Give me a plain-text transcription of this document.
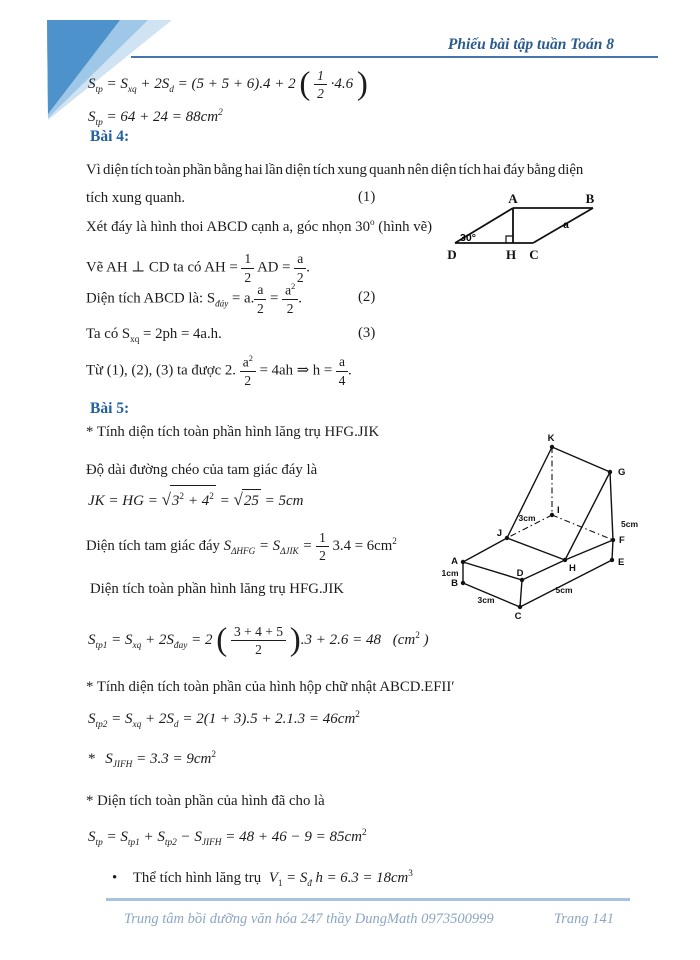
Phiếu bài tập tuần Toán 8
$S_{tp} = S_{xq} + 2S_d = (5 + 5 + 6).4 + 2$ ( $\frac{1}{2} \cdot 4.6$ )
$S_{tp} = 64 + 24 = 88cm^2$
Bài 4:
Vì diện tích toàn phần bằng hai lần diện tích xung quanh nên diện tích hai đáy bằng diện
tích xung quanh.	(1)
Xét đáy là hình thoi ABCD cạnh a, góc nhọn 30$^o$ (hình vẽ)
Vẽ AH ⊥ CD ta có AH = $\frac{1}{2}$ AD = $\frac{a}{2}$ .
A	B
D	H C
30°
a
Diện tích ABCD là: $S_{đáy} = a$. $\frac{a}{2} = \frac{a^2}{2}$ .	(2)
Ta có $S_{xq} = 2ph = 4a.h$.	(3)
Từ (1), (2), (3) ta được 2. $\frac{a^2}{2} = 4ah$ ⇒ $h = \frac{a}{4}$ .
Bài 5:
* Tính diện tích toàn phần hình lăng trụ HFG.JIK
Độ dài đường chéo của tam giác đáy là
JK = HG = $√3^2 + 4^2 = √25 = 5cm$
Diện tích tam giác đáy $S_{\Delta HFG} = S_{\Delta JIK} = \frac{1}{2} 3.4 = 6cm^2$
K
G
I
J
F
A
H
E
B
D
C
3cm
5cm
1cm
3cm
5cm
Diện tích toàn phần hình lăng trụ HFG.JIK
$S_{tp1} = S_{xq} + 2S_{đay} = 2$ ( $\frac{3 + 4 + 5}{2} ).3 + 2.6 = 48$ ($cm^2$ )
* Tính diện tích toàn phần của hình hộp chữ nhật ABCD.EFII′
$S_{tp2} = S_{xq} + 2S_d = 2(1 + 3).5 + 2.1.3 = 46cm^2$
* $S_{JIFH} = 3.3 = 9cm^2$
* Diện tích toàn phần của hình đã cho là
$S_{tp} = S_{tp1} + S_{tp2} - S_{JIFH} = 48 + 46 - 9 = 85cm^2$
• Thể tích hình lăng trụ $V_1 = S_đ$ $h = 6.3 = 18cm^3$
Trung tâm bồi dưỡng văn hóa 247 thầy DungMath 0973500999	Trang 141
